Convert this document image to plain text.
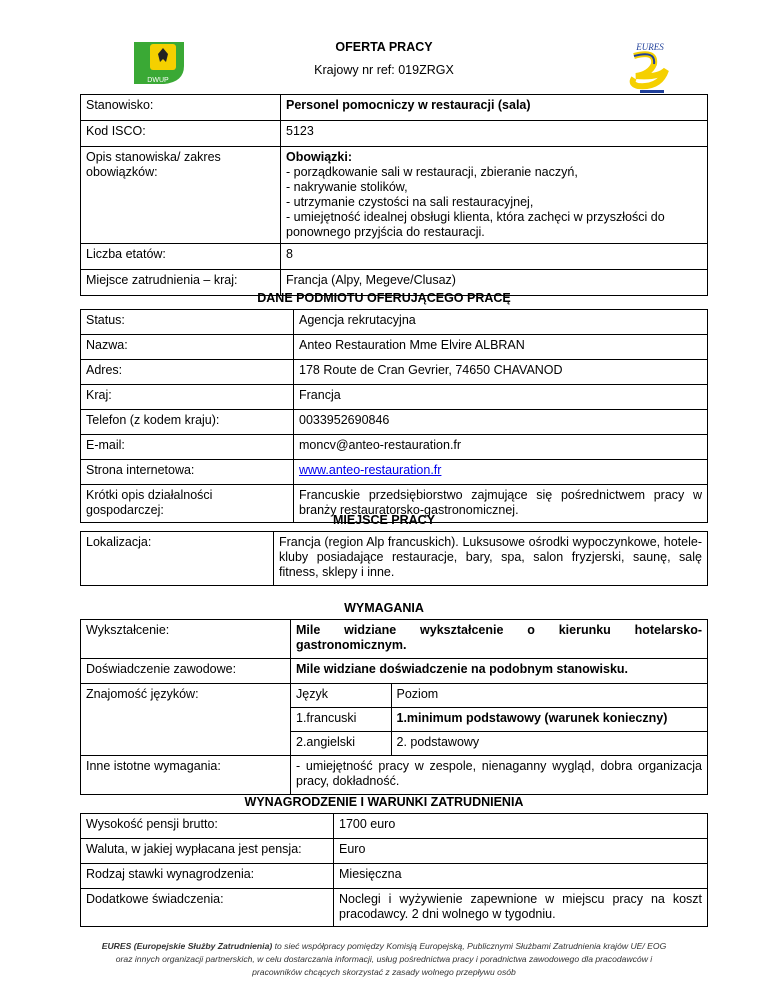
DWUP
EURES
OFERTA PRACY
Krajowy nr ref: 019ZRGX
Stanowisko:	Personel pomocniczy w restauracji (sala)
Kod ISCO:	5123
Opis stanowiska/ zakres obowiązków:	Obowiązki:
- porządkowanie sali w restauracji, zbieranie naczyń,
- nakrywanie stolików,
- utrzymanie czystości na sali restauracyjnej,
- umiejętność idealnej obsługi klienta, która zachęci w przyszłości do ponownego przyjścia do restauracji.

Liczba etatów:	8
Miejsce zatrudnienia – kraj:	Francja (Alpy, Megeve/Clusaz)
DANE PODMIOTU OFERUJĄCEGO PRACĘ
Status:	Agencja rekrutacyjna
Nazwa:	Anteo Restauration Mme Elvire ALBRAN
Adres:	178 Route de Cran Gevrier, 74650 CHAVANOD
Kraj:	Francja
Telefon (z kodem kraju):	0033952690846
E-mail:	moncv@anteo-restauration.fr
Strona internetowa:	www.anteo-restauration.fr
Krótki opis działalności gospodarczej:	Francuskie przedsiębiorstwo zajmujące się pośrednictwem pracy w branży restauratorsko-gastronomicznej.
MIEJSCE PRACY
Lokalizacja:	Francja (region Alp francuskich). Luksusowe ośrodki wypoczynkowe, hotele-kluby posiadające restauracje, bary, spa, salon fryzjerski, saunę, salę fitness, sklepy i inne.
WYMAGANIA
Wykształcenie:	Mile widziane wykształcenie o kierunku hotelarsko-gastronomicznym.
Doświadczenie zawodowe:	Mile widziane doświadczenie na podobnym stanowisku.
Znajomość języków:		Język	Poziom
1.francuski	1.minimum podstawowy (warunek konieczny)
2.angielski	2. podstawowy

Inne istotne wymagania:	- umiejętność pracy w zespole, nienaganny wygląd, dobra organizacja pracy, dokładność.
WYNAGRODZENIE I WARUNKI ZATRUDNIENIA
Wysokość pensji brutto:	1700 euro
Waluta, w jakiej wypłacana jest pensja:	Euro
Rodzaj stawki wynagrodzenia:	Miesięczna
Dodatkowe świadczenia:	Noclegi i wyżywienie zapewnione w miejscu pracy na koszt pracodawcy. 2 dni wolnego w tygodniu.
EURES (Europejskie Służby Zatrudnienia) to sieć współpracy pomiędzy Komisją Europejską, Publicznymi Służbami Zatrudnienia krajów UE/ EOG
oraz innych organizacji partnerskich, w celu dostarczania informacji, usług pośrednictwa pracy i poradnictwa zawodowego dla pracodawców i
pracowników chcących skorzystać z zasady wolnego przepływu osób
